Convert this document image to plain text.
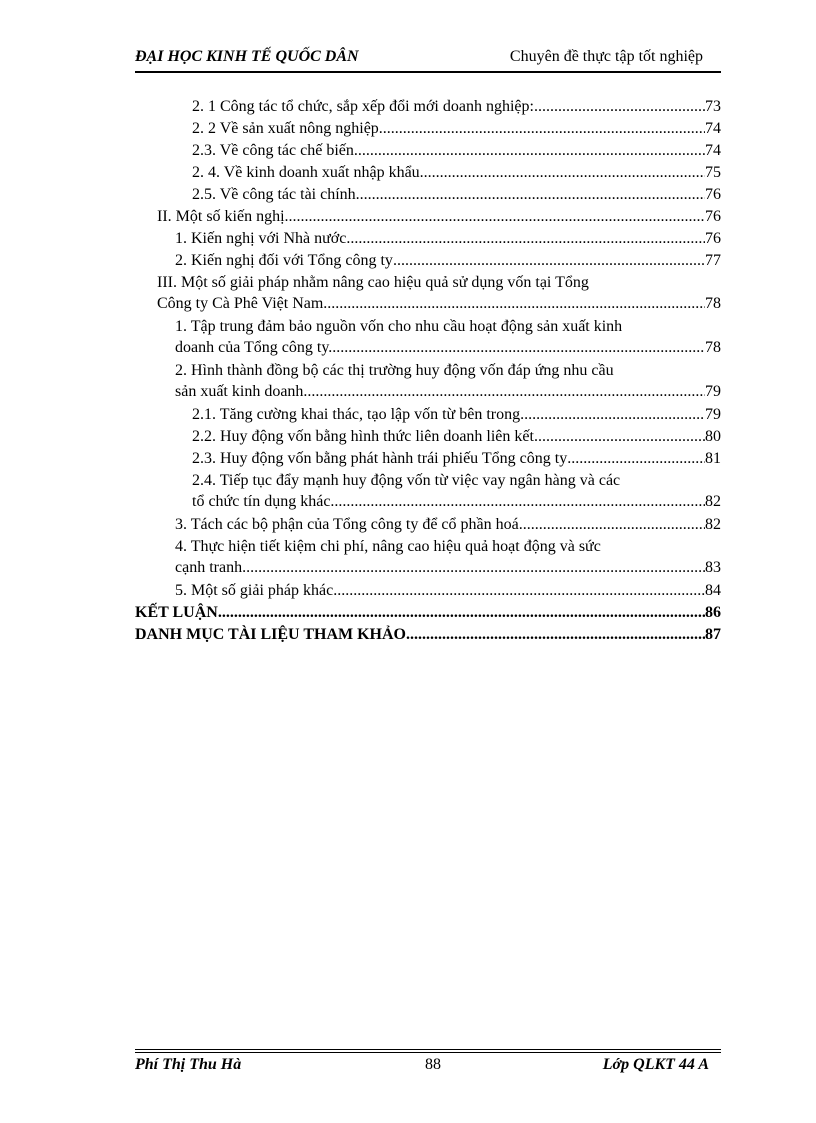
ĐẠI HỌC KINH TẾ QUỐC DÂN	Chuyên đề thực tập tốt nghiệp
2. 1 Công tác tổ chức, sắp xếp đổi mới doanh nghiệp: .....	73
2. 2 Về sản xuất nông nghiệp. .....	74
2.3. Về công tác chế biến. .....	74
2. 4. Về kinh doanh xuất nhập khẩu. .....	75
2.5. Về công tác tài chính. .....	76
II. Một số kiến nghị .....	76
1. Kiến nghị với Nhà nước .....	76
2. Kiến nghị đối với Tổng công ty .....	77
III. Một số giải pháp nhằm nâng cao hiệu quả sử dụng vốn tại Tổng
Công ty Cà Phê Việt Nam .....	78
1. Tập trung đảm bảo nguồn vốn cho nhu cầu hoạt động sản xuất kinh
doanh của Tổng công ty. .....	78
2. Hình thành đồng bộ các thị trường huy động vốn đáp ứng nhu cầu
sản xuất kinh doanh .....	79
2.1. Tăng cường khai thác, tạo lập vốn từ bên trong .....	79
2.2. Huy động vốn bằng hình thức liên doanh liên kết .....	80
2.3. Huy động vốn bằng phát hành trái phiếu Tổng công ty .....	81
2.4. Tiếp tục đẩy mạnh huy động vốn từ việc vay ngân hàng và các
tổ chức tín dụng khác .....	82
3. Tách các bộ phận của Tổng công ty để cổ phần hoá .....	82
4. Thực hiện tiết kiệm chi phí, nâng cao hiệu quả hoạt động và sức
cạnh tranh .....	83
5. Một số giải pháp khác .....	84
KẾT LUẬN .....	86
DANH MỤC TÀI LIỆU THAM KHẢO .....	87
Phí Thị Thu Hà	88	Lớp QLKT 44 A
